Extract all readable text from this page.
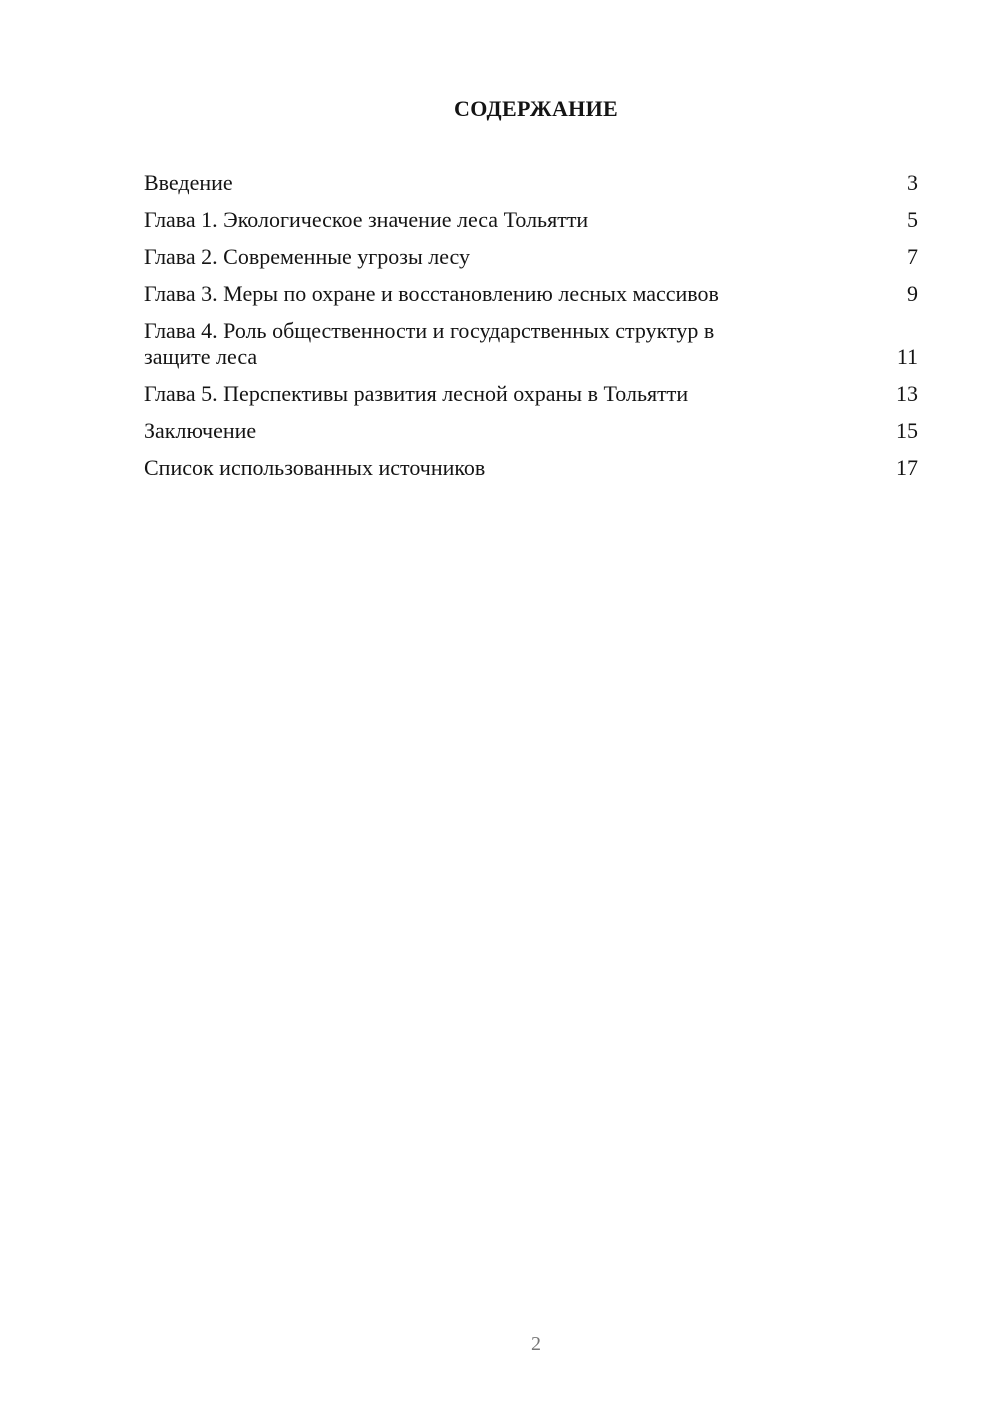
СОДЕРЖАНИЕ
Введение	3
Глава 1. Экологическое значение леса Тольятти	5
Глава 2. Современные угрозы лесу	7
Глава 3. Меры по охране и восстановлению лесных массивов	9
Глава 4. Роль общественности и государственных структур в
защите леса	11
Глава 5. Перспективы развития лесной охраны в Тольятти	13
Заключение	15
Список использованных источников	17
2
